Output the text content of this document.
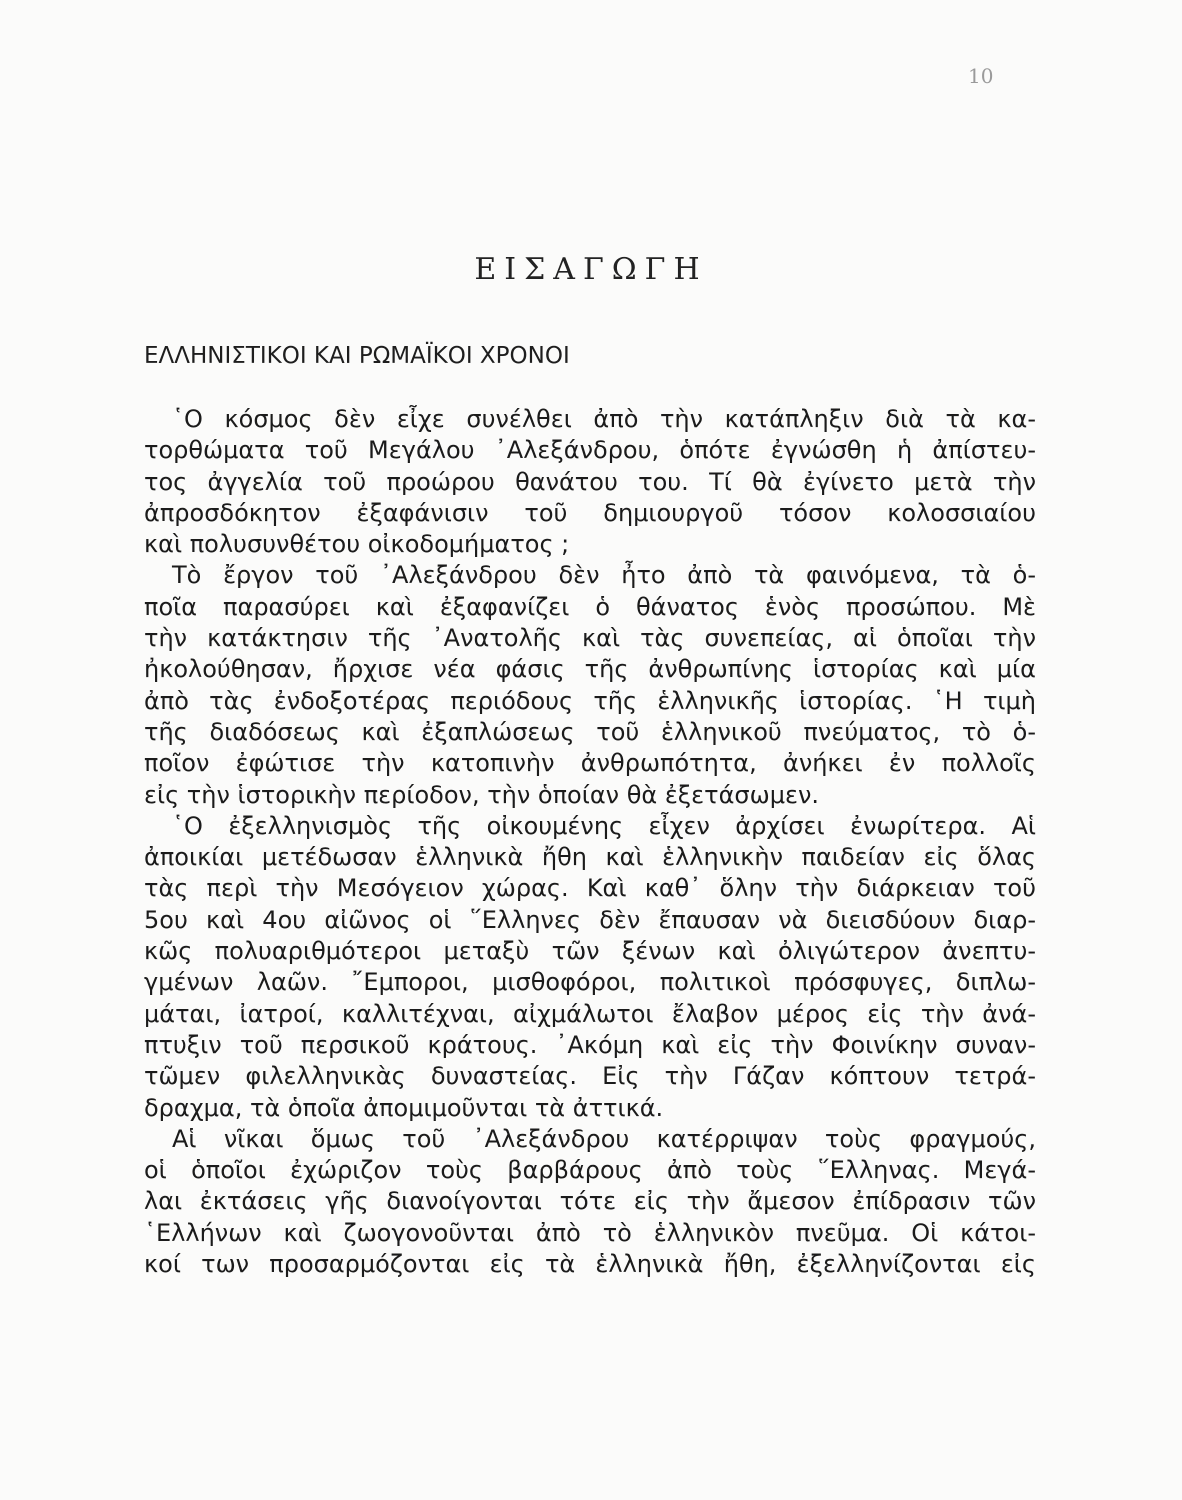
10
ΕΙΣΑΓΩΓΗ
ΕΛΛΗΝΙΣΤΙΚΟΙ ΚΑΙ ΡΩΜΑΪΚΟΙ ΧΡΟΝΟΙ
῾Ο κόσμος δὲν εἶχε συνέλθει ἀπὸ τὴν κατάπληξιν διὰ τὰ κα-
τορθώματα τοῦ Μεγάλου ᾿Αλεξάνδρου, ὁπότε ἐγνώσθη ἡ ἀπίστευ-
τος ἀγγελία τοῦ προώρου θανάτου του. Τί θὰ ἐγίνετο μετὰ τὴν
ἀπροσδόκητον ἐξαφάνισιν τοῦ δημιουργοῦ τόσον κολοσσιαίου
καὶ πολυσυνθέτου οἰκοδομήματος ;
Τὸ ἔργον τοῦ ᾿Αλεξάνδρου δὲν ἦτο ἀπὸ τὰ φαινόμενα, τὰ ὁ-
ποῖα παρασύρει καὶ ἐξαφανίζει ὁ θάνατος ἑνὸς προσώπου. Μὲ
τὴν κατάκτησιν τῆς ᾿Ανατολῆς καὶ τὰς συνεπείας, αἱ ὁποῖαι τὴν
ἠκολούθησαν, ἤρχισε νέα φάσις τῆς ἀνθρωπίνης ἱστορίας καὶ μία
ἀπὸ τὰς ἐνδοξοτέρας περιόδους τῆς ἑλληνικῆς ἱστορίας. ῾Η τιμὴ
τῆς διαδόσεως καὶ ἐξαπλώσεως τοῦ ἑλληνικοῦ πνεύματος, τὸ ὁ-
ποῖον ἐφώτισε τὴν κατοπινὴν ἀνθρωπότητα, ἀνήκει ἐν πολλοῖς
εἰς τὴν ἱστορικὴν περίοδον, τὴν ὁποίαν θὰ ἐξετάσωμεν.
῾Ο ἐξελληνισμὸς τῆς οἰκουμένης εἶχεν ἀρχίσει ἐνωρίτερα. Αἱ
ἀποικίαι μετέδωσαν ἑλληνικὰ ἤθη καὶ ἑλληνικὴν παιδείαν εἰς ὅλας
τὰς περὶ τὴν Μεσόγειον χώρας. Καὶ καθ᾿ ὅλην τὴν διάρκειαν τοῦ
5ου καὶ 4ου αἰῶνος οἱ ῞Ελληνες δὲν ἔπαυσαν νὰ διεισδύουν διαρ-
κῶς πολυαριθμότεροι μεταξὺ τῶν ξένων καὶ ὀλιγώτερον ἀνεπτυ-
γμένων λαῶν. ῎Εμποροι, μισθοφόροι, πολιτικοὶ πρόσφυγες, διπλω-
μάται, ἰατροί, καλλιτέχναι, αἰχμάλωτοι ἔλαβον μέρος εἰς τὴν ἀνά-
πτυξιν τοῦ περσικοῦ κράτους. ᾿Ακόμη καὶ εἰς τὴν Φοινίκην συναν-
τῶμεν φιλελληνικὰς δυναστείας. Εἰς τὴν Γάζαν κόπτουν τετρά-
δραχμα, τὰ ὁποῖα ἀπομιμοῦνται τὰ ἀττικά.
Αἱ νῖκαι ὅμως τοῦ ᾿Αλεξάνδρου κατέρριψαν τοὺς φραγμούς,
οἱ ὁποῖοι ἐχώριζον τοὺς βαρβάρους ἀπὸ τοὺς ῞Ελληνας. Μεγά-
λαι ἐκτάσεις γῆς διανοίγονται τότε εἰς τὴν ἄμεσον ἐπίδρασιν τῶν
῾Ελλήνων καὶ ζωογονοῦνται ἀπὸ τὸ ἑλληνικὸν πνεῦμα. Οἱ κάτοι-
κοί των προσαρμόζονται εἰς τὰ ἑλληνικὰ ἤθη, ἐξελληνίζονται εἰς
